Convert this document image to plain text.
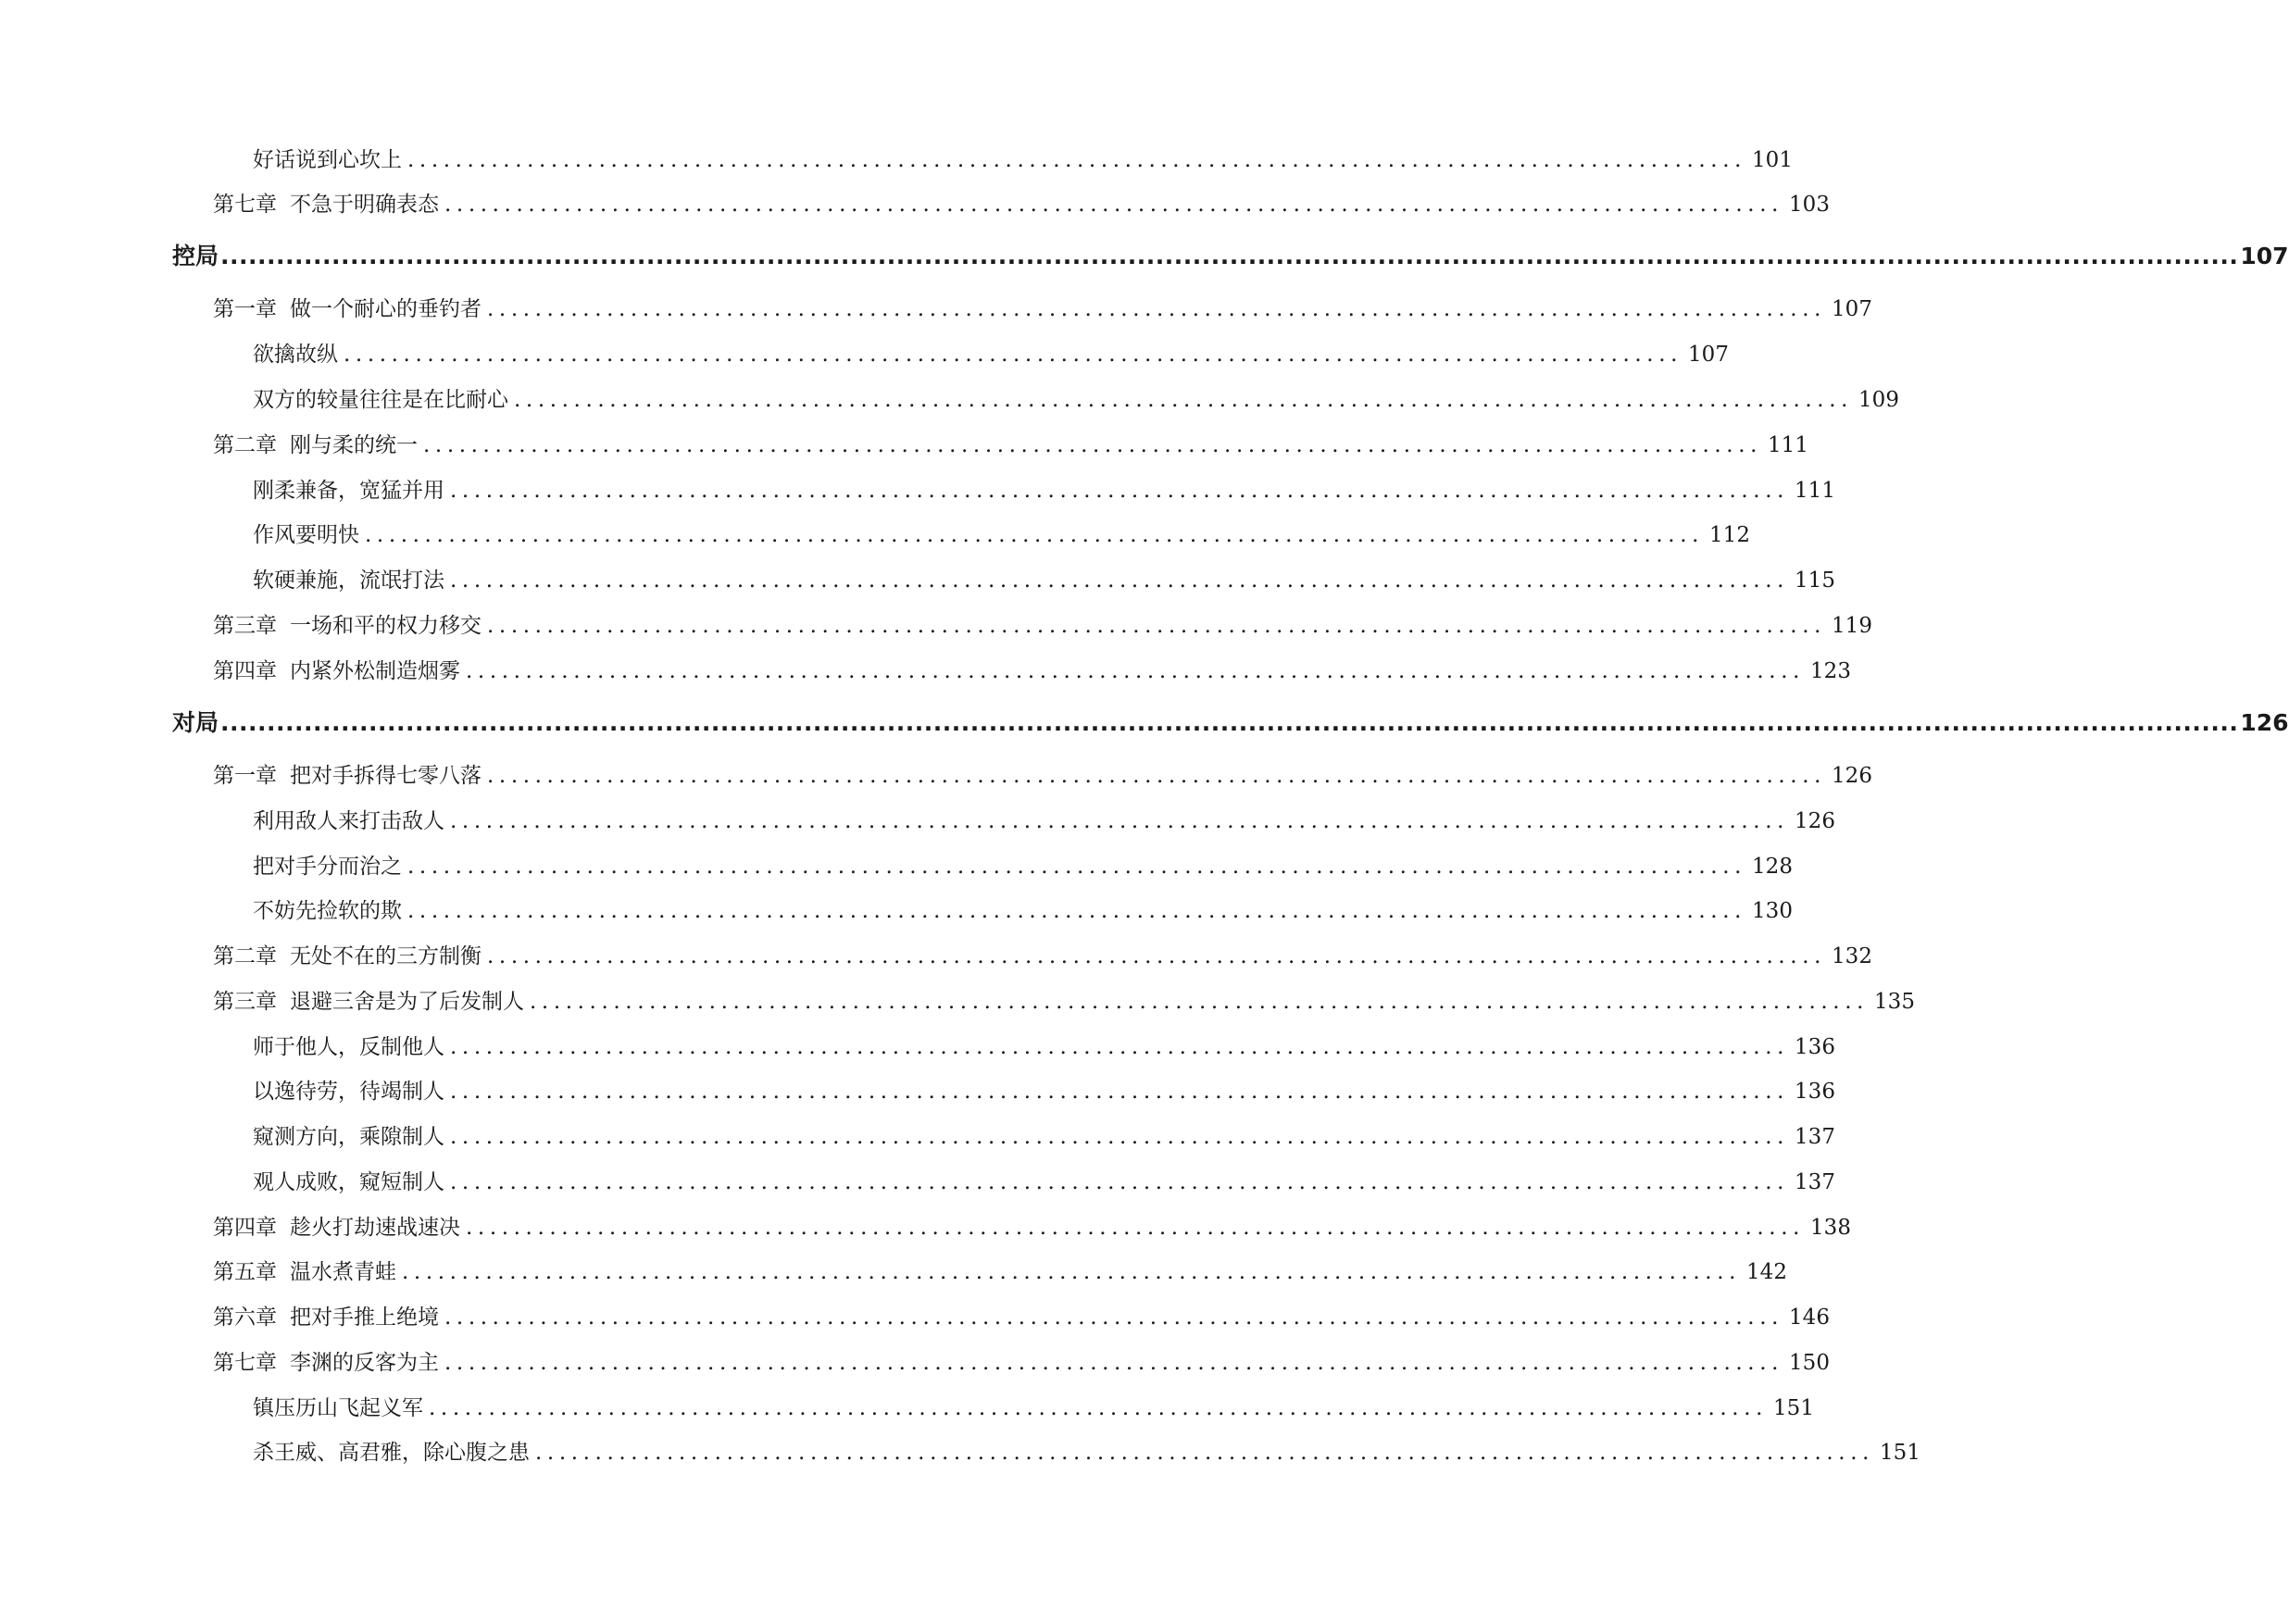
好话说到心坎上 ................................................................................................................ 101
第七章 不急于明确表态 ................................................................................................................ 103
控局 .......................................................................................................................................................................................................................... 107
第一章 做一个耐心的垂钓者 ................................................................................................................ 107
欲擒故纵 ................................................................................................................ 107
双方的较量往往是在比耐心 ................................................................................................................ 109
第二章 刚与柔的统一 ................................................................................................................ 111
刚柔兼备，宽猛并用 ................................................................................................................ 111
作风要明快 ................................................................................................................ 112
软硬兼施，流氓打法 ................................................................................................................ 115
第三章 一场和平的权力移交 ................................................................................................................ 119
第四章 内紧外松制造烟雾 ................................................................................................................ 123
对局 .......................................................................................................................................................................................................................... 126
第一章 把对手拆得七零八落 ................................................................................................................ 126
利用敌人来打击敌人 ................................................................................................................ 126
把对手分而治之 ................................................................................................................ 128
不妨先捡软的欺 ................................................................................................................ 130
第二章 无处不在的三方制衡 ................................................................................................................ 132
第三章 退避三舍是为了后发制人 ................................................................................................................ 135
师于他人，反制他人 ................................................................................................................ 136
以逸待劳，待竭制人 ................................................................................................................ 136
窥测方向，乘隙制人 ................................................................................................................ 137
观人成败，窥短制人 ................................................................................................................ 137
第四章 趁火打劫速战速决 ................................................................................................................ 138
第五章 温水煮青蛙 ................................................................................................................ 142
第六章 把对手推上绝境 ................................................................................................................ 146
第七章 李渊的反客为主 ................................................................................................................ 150
镇压历山飞起义军 ................................................................................................................ 151
杀王威、高君雅，除心腹之患 ................................................................................................................ 151
